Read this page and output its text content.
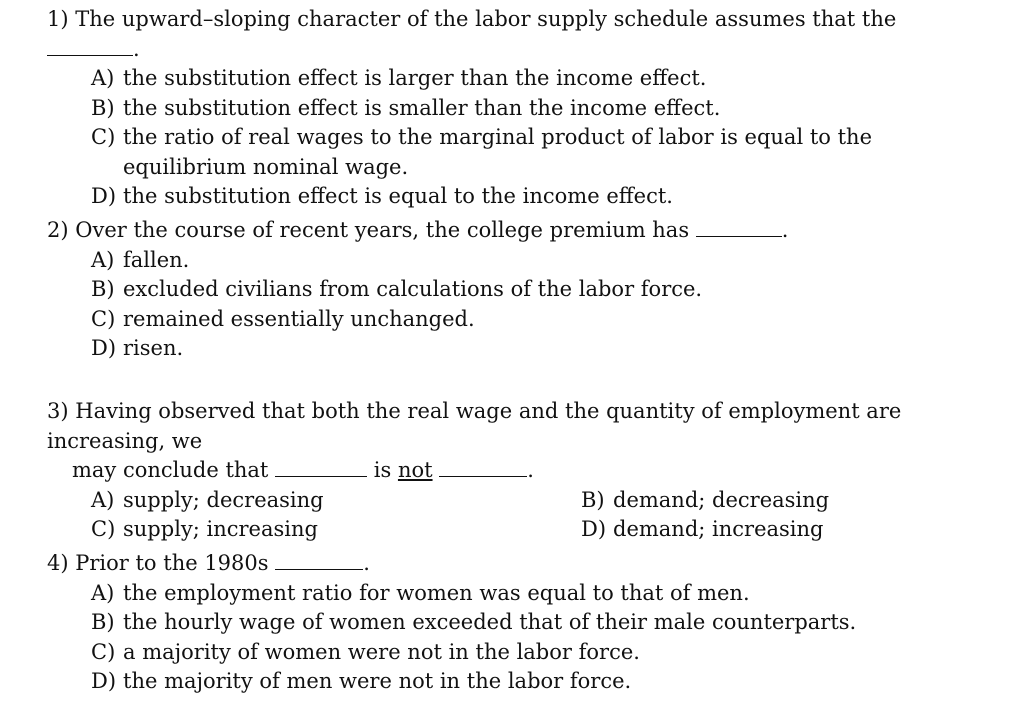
1) The upward–sloping character of the labor supply schedule assumes that the .
A) the substitution effect is larger than the income effect.
B) the substitution effect is smaller than the income effect.
C) the ratio of real wages to the marginal product of labor is equal to the equilibrium nominal wage.
D) the substitution effect is equal to the income effect.
2) Over the course of recent years, the college premium has	.
A) fallen.
B) excluded civilians from calculations of the labor force.
C) remained essentially unchanged.
D) risen.
3) Having observed that both the real wage and the quantity of employment are increasing, we
may conclude that	is not	.
A) supply; decreasing	B) demand; decreasing
C) supply; increasing	D) demand; increasing
4) Prior to the 1980s	.
A) the employment ratio for women was equal to that of men.
B) the hourly wage of women exceeded that of their male counterparts.
C) a majority of women were not in the labor force.
D) the majority of men were not in the labor force.
